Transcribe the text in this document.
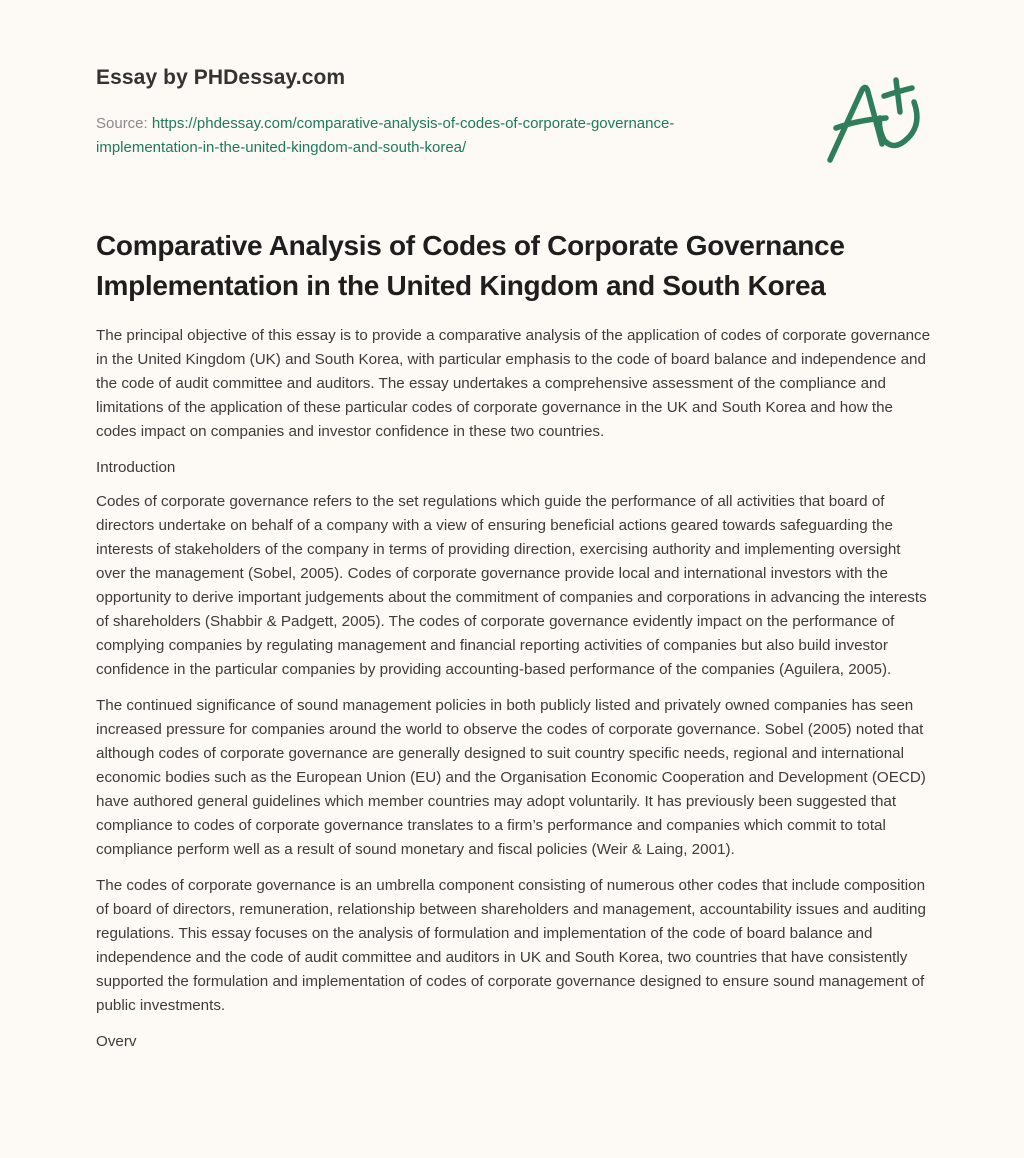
Essay by PHDessay.com
Source: https://phdessay.com/comparative-analysis-of-codes-of-corporate-governance-
implementation-in-the-united-kingdom-and-south-korea/
Comparative Analysis of Codes of Corporate Governance Implementation in the United Kingdom and South Korea

The principal objective of this essay is to provide a comparative analysis of the application of codes of corporate governance in the United Kingdom (UK) and South Korea, with particular emphasis to the code of board balance and independence and the code of audit committee and auditors. The essay undertakes a comprehensive assessment of the compliance and limitations of the application of these particular codes of corporate governance in the UK and South Korea and how the codes impact on companies and investor confidence in these two countries.

Introduction

Codes of corporate governance refers to the set regulations which guide the performance of all activities that board of directors undertake on behalf of a company with a view of ensuring beneficial actions geared towards safeguarding the interests of stakeholders of the company in terms of providing direction, exercising authority and implementing oversight over the management (Sobel, 2005). Codes of corporate governance provide local and international investors with the opportunity to derive important judgements about the commitment of companies and corporations in advancing the interests of shareholders (Shabbir & Padgett, 2005). The codes of corporate governance evidently impact on the performance of complying companies by regulating management and financial reporting activities of companies but also build investor confidence in the particular companies by providing accounting-based performance of the companies (Aguilera, 2005).

The continued significance of sound management policies in both publicly listed and privately owned companies has seen increased pressure for companies around the world to observe the codes of corporate governance. Sobel (2005) noted that although codes of corporate governance are generally designed to suit country specific needs, regional and international economic bodies such as the European Union (EU) and the Organisation Economic Cooperation and Development (OECD) have authored general guidelines which member countries may adopt voluntarily. It has previously been suggested that compliance to codes of corporate governance translates to a firm’s performance and companies which commit to total compliance perform well as a result of sound monetary and fiscal policies (Weir & Laing, 2001).

The codes of corporate governance is an umbrella component consisting of numerous other codes that include composition of board of directors, remuneration, relationship between shareholders and management, accountability issues and auditing regulations. This essay focuses on the analysis of formulation and implementation of the code of board balance and independence and the code of audit committee and auditors in UK and South Korea, two countries that have consistently supported the formulation and implementation of codes of corporate governance designed to ensure sound management of public investments.

Overv
